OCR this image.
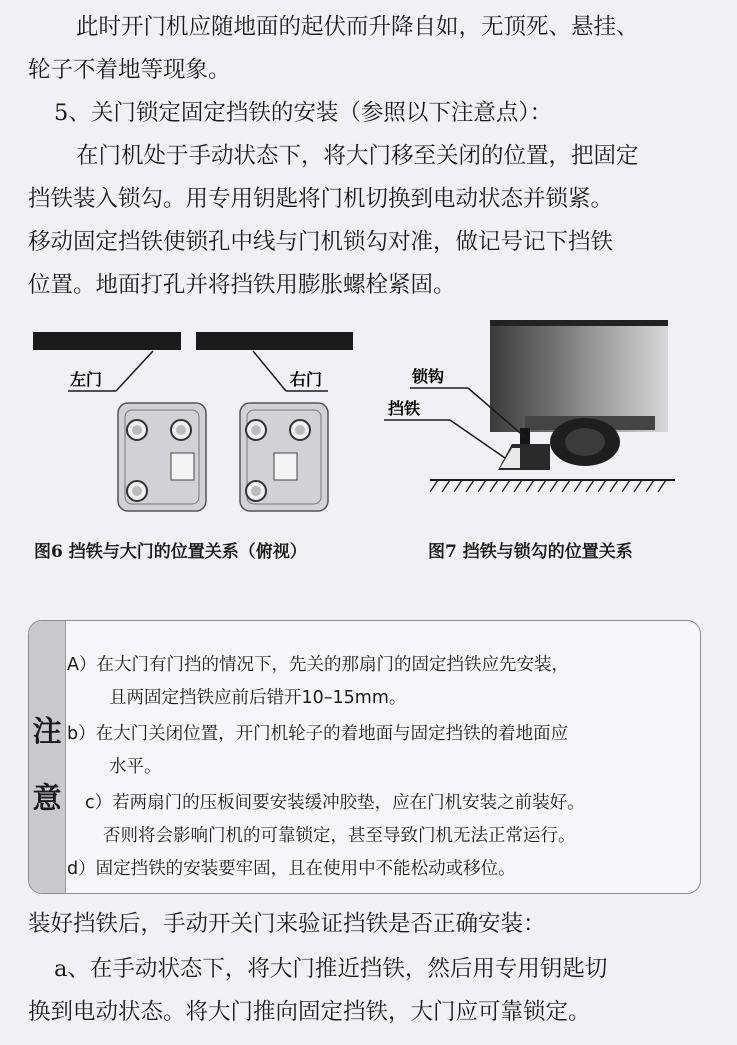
此时开门机应随地面的起伏而升降自如，无顶死、悬挂、

轮子不着地等现象。

5、关门锁定固定挡铁的安装（参照以下注意点）：

在门机处于手动状态下，将大门移至关闭的位置，把固定

挡铁装入锁勾。用专用钥匙将门机切换到电动状态并锁紧。

移动固定挡铁使锁孔中线与门机锁勾对准，做记号记下挡铁

位置。地面打孔并将挡铁用膨胀螺栓紧固。

左门	右门	锁钩
挡铁
图6 挡铁与大门的位置关系（俯视）	图7 挡铁与锁勾的位置关系
注
意
A）在大门有门挡的情况下，先关的那扇门的固定挡铁应先安装，
且两固定挡铁应前后错开10–15mm。
b）在大门关闭位置，开门机轮子的着地面与固定挡铁的着地面应
水平。
c）若两扇门的压板间要安装缓冲胶垫，应在门机安装之前装好。
否则将会影响门机的可靠锁定，甚至导致门机无法正常运行。
d）固定挡铁的安装要牢固，且在使用中不能松动或移位。

装好挡铁后，手动开关门来验证挡铁是否正确安装：

a、在手动状态下，将大门推近挡铁，然后用专用钥匙切

换到电动状态。将大门推向固定挡铁，大门应可靠锁定。
